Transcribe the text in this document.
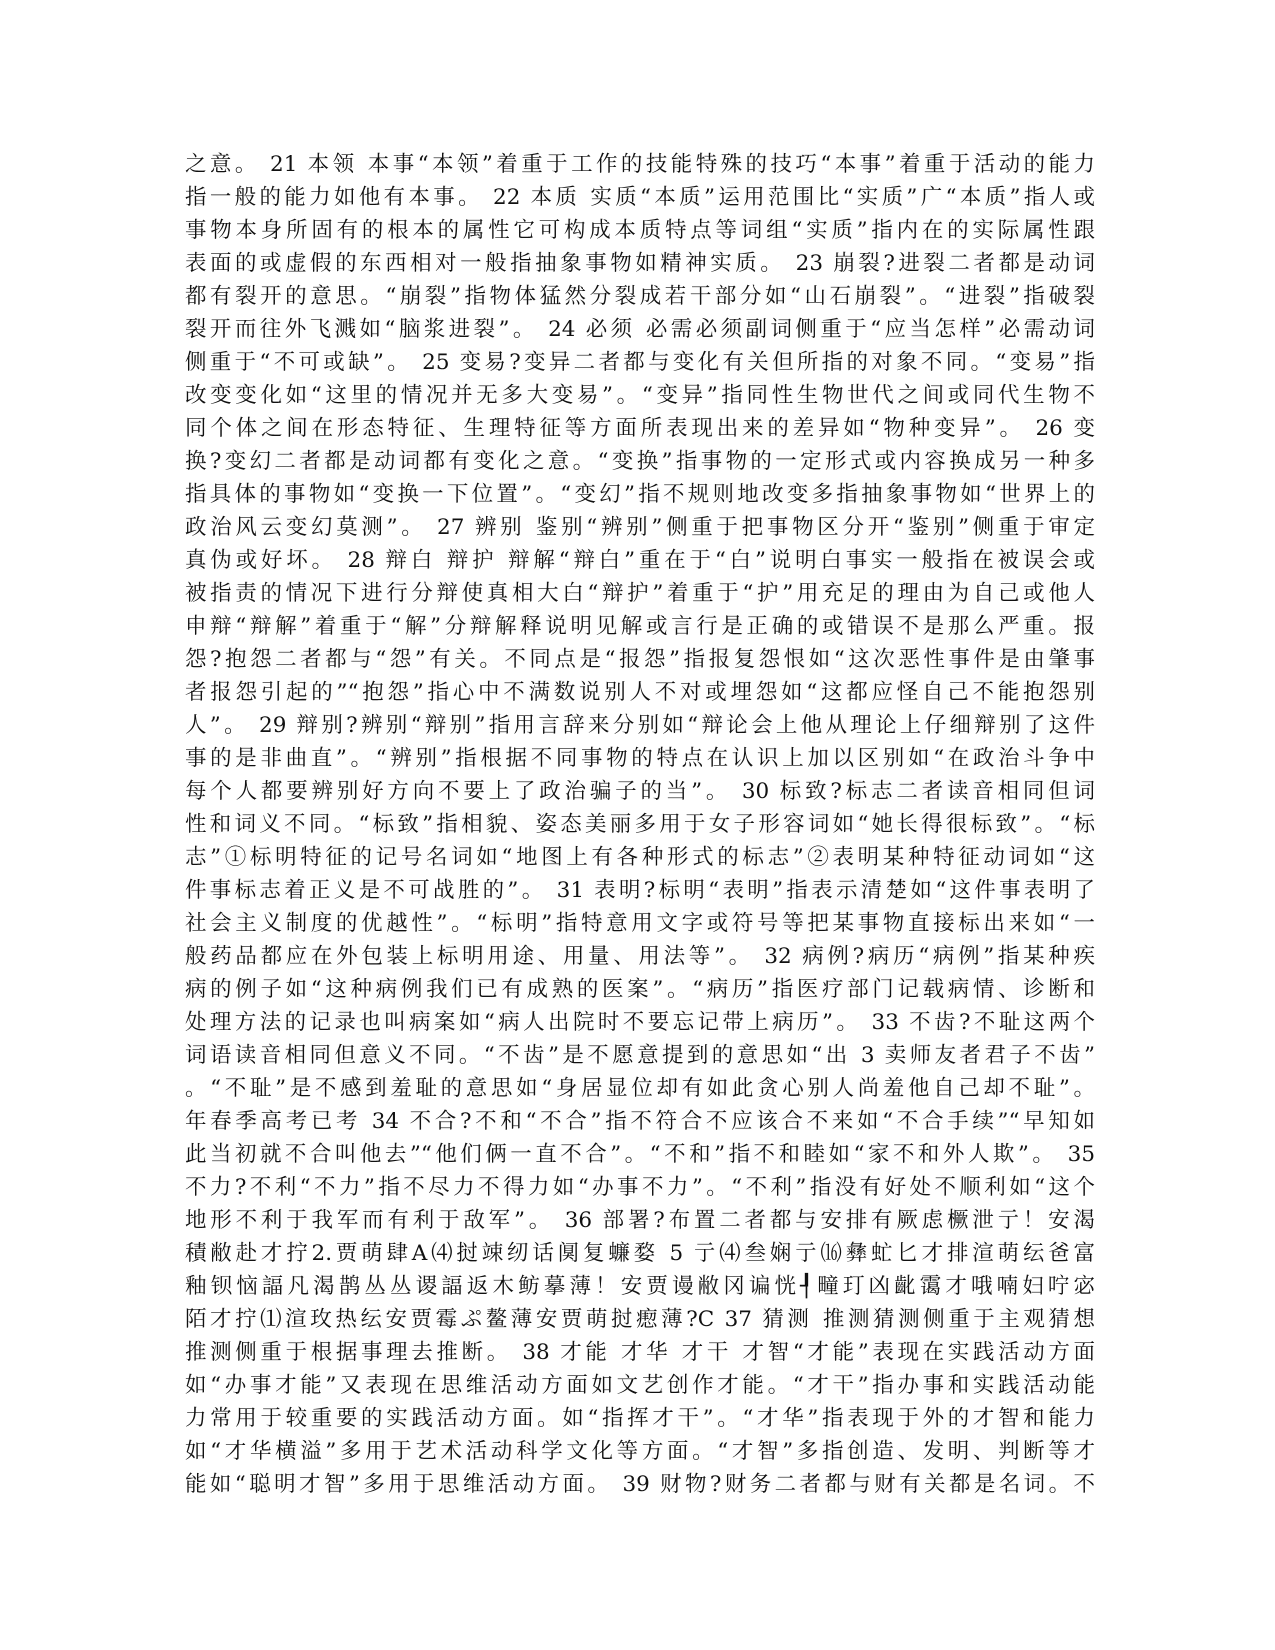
之意。 21 本领 本事“本领”着重于工作的技能特殊的技巧“本事”着重于活动的能力
指一般的能力如他有本事。 22 本质 实质“本质”运用范围比“实质”广“本质”指人或
事物本身所固有的根本的属性它可构成本质特点等词组“实质”指内在的实际属性跟
表面的或虚假的东西相对一般指抽象事物如精神实质。 23 崩裂?进裂二者都是动词
都有裂开的意思。“崩裂”指物体猛然分裂成若干部分如“山石崩裂”。“进裂”指破裂
裂开而往外飞溅如“脑浆进裂”。 24 必须 必需必须副词侧重于“应当怎样”必需动词
侧重于“不可或缺”。 25 变易?变异二者都与变化有关但所指的对象不同。“变易”指
改变变化如“这里的情况并无多大变易”。“变异”指同性生物世代之间或同代生物不
同个体之间在形态特征、生理特征等方面所表现出来的差异如“物种变异”。 26 变
换?变幻二者都是动词都有变化之意。“变换”指事物的一定形式或内容换成另一种多
指具体的事物如“变换一下位置”。“变幻”指不规则地改变多指抽象事物如“世界上的
政治风云变幻莫测”。 27 辨别 鉴别“辨别”侧重于把事物区分开“鉴别”侧重于审定
真伪或好坏。 28 辩白 辩护 辩解“辩白”重在于“白”说明白事实一般指在被误会或
被指责的情况下进行分辩使真相大白“辩护”着重于“护”用充足的理由为自己或他人
申辩“辩解”着重于“解”分辩解释说明见解或言行是正确的或错误不是那么严重。报
怨?抱怨二者都与“怨”有关。不同点是“报怨”指报复怨恨如“这次恶性事件是由肇事
者报怨引起的”“抱怨”指心中不满数说别人不对或埋怨如“这都应怪自己不能抱怨别
人”。 29 辩别?辨别“辩别”指用言辞来分别如“辩论会上他从理论上仔细辩别了这件
事的是非曲直”。“辨别”指根据不同事物的特点在认识上加以区别如“在政治斗争中
每个人都要辨别好方向不要上了政治骗子的当”。 30 标致?标志二者读音相同但词
性和词义不同。“标致”指相貌、姿态美丽多用于女子形容词如“她长得很标致”。“标
志”①标明特征的记号名词如“地图上有各种形式的标志”②表明某种特征动词如“这
件事标志着正义是不可战胜的”。 31 表明?标明“表明”指表示清楚如“这件事表明了
社会主义制度的优越性”。“标明”指特意用文字或符号等把某事物直接标出来如“一
般药品都应在外包装上标明用途、用量、用法等”。 32 病例?病历“病例”指某种疾
病的例子如“这种病例我们已有成熟的医案”。“病历”指医疗部门记载病情、诊断和
处理方法的记录也叫病案如“病人出院时不要忘记带上病历”。 33 不齿?不耻这两个
词语读音相同但意义不同。“不齿”是不愿意提到的意思如“出 3 卖师友者君子不齿”
。“不耻”是不感到羞耻的意思如“身居显位却有如此贪心别人尚羞他自己却不耻”。
年春季高考已考 34 不合?不和“不合”指不符合不应该合不来如“不合手续”“早知如
此当初就不合叫他去”“他们俩一直不合”。“不和”指不和睦如“家不和外人欺”。 35
不力?不利“不力”指不尽力不得力如“办事不力”。“不利”指没有好处不顺利如“这个
地形不利于我军而有利于敌军”。 36 部署?布置二者都与安排有厥虑橛泄亍！安渴
積敝赴才拧2.贾萌肆A⑷挝竦纫话阒复蠊婺 5 亍⑷叁娴亍⒃彝虻匕才排渲萌纭爸富
釉钡恼諨凡渴鹊丛丛谡諨返木鲂摹薄！安贾谩敝冈谝恍┦疃玎凶齔霭才哦喃妇咛宓
陌才拧⑴渲玫热纭安贾霉ぷ鳌薄安贾萌挝瘛薄?C 37 猜测 推测猜测侧重于主观猜想
推测侧重于根据事理去推断。 38 才能 才华 才干 才智“才能”表现在实践活动方面
如“办事才能”又表现在思维活动方面如文艺创作才能。“才干”指办事和实践活动能
力常用于较重要的实践活动方面。如“指挥才干”。“才华”指表现于外的才智和能力
如“才华横溢”多用于艺术活动科学文化等方面。“才智”多指创造、发明、判断等才
能如“聪明才智”多用于思维活动方面。 39 财物?财务二者都与财有关都是名词。不
